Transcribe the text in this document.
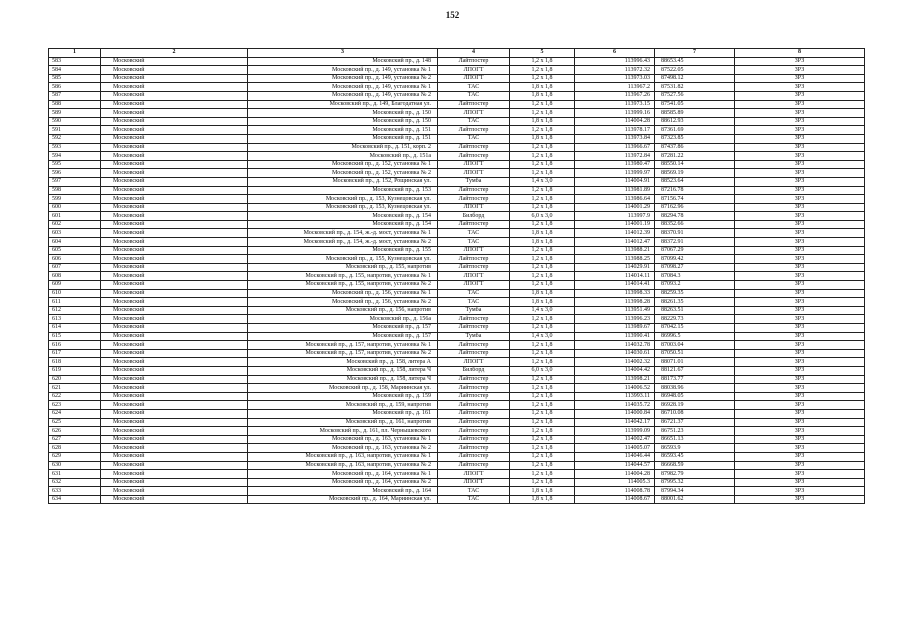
152
1	2	3	4	5	6	7	8
583	Московский	Московский пр., д. 148	Лайтпостер	1,2 х 1,8	113996.43	88653.45	ЗРЗ
584	Московский	Московский пр., д. 149, установка № 1	ЛПОГТ	1,2 х 1,8	113972.32	87522.05	ЗРЗ
585	Московский	Московский пр., д. 149, установка № 2	ЛПОГТ	1,2 х 1,8	113973.03	87498.12	ЗРЗ
586	Московский	Московский пр., д. 149, установка № 1	ТАС	1,8 х 1,8	113967.2	87531.82	ЗРЗ
587	Московский	Московский пр., д. 149, установка № 2	ТАС	1,8 х 1,8	113967.26	87527.56	ЗРЗ
588	Московский	Московский пр., д. 149, Благодатная ул.	Лайтпостер	1,2 х 1,8	113973.15	87541.05	ЗРЗ
589	Московский	Московский пр., д. 150	ЛПОГТ	1,2 х 1,8	113999.16	88585.89	ЗРЗ
590	Московский	Московский пр., д. 150	ТАС	1,8 х 1,8	114004.28	88612.93	ЗРЗ
591	Московский	Московский пр., д. 151	Лайтпостер	1,2 х 1,8	113978.17	87361.69	ЗРЗ
592	Московский	Московский пр., д. 151	ТАС	1,8 х 1,8	113973.84	87323.85	ЗРЗ
593	Московский	Московский пр., д. 151, корп. 2	Лайтпостер	1,2 х 1,8	113966.67	87437.86	ЗРЗ
594	Московский	Московский пр., д. 151а	Лайтпостер	1,2 х 1,8	113972.84	87281.22	ЗРЗ
595	Московский	Московский пр., д. 152, установка № 1	ЛПОГТ	1,2 х 1,8	113980.47	88550.14	ЗРЗ
596	Московский	Московский пр., д. 152, установка № 2	ЛПОГТ	1,2 х 1,8	113999.97	88569.19	ЗРЗ
597	Московский	Московский пр., д. 152, Рощинская ул.	Тумба	1,4 х 3,0	114004.91	88523.64	ЗРЗ
598	Московский	Московский пр., д. 153	Лайтпостер	1,2 х 1,8	113981.89	87216.78	ЗРЗ
599	Московский	Московский пр., д. 153, Кузнецовская ул.	Лайтпостер	1,2 х 1,8	113986.64	87156.74	ЗРЗ
600	Московский	Московский пр., д. 153, Кузнецовская ул.	ЛПОГТ	1,2 х 1,8	114001.29	87162.96	ЗРЗ
601	Московский	Московский пр., д. 154	Билборд	6,0 х 3,0	113997.9	88294.78	ЗРЗ
602	Московский	Московский пр., д. 154	Лайтпостер	1,2 х 1,8	114001.19	88352.66	ЗРЗ
603	Московский	Московский пр., д. 154, ж.-д. мост, установка № 1	ТАС	1,8 х 1,8	114012.39	88370.91	ЗРЗ
604	Московский	Московский пр., д. 154, ж.-д. мост, установка № 2	ТАС	1,8 х 1,8	114012.47	88372.91	ЗРЗ
605	Московский	Московский пр., д. 155	ЛПОГТ	1,2 х 1,8	113988.21	87067.29	ЗРЗ
606	Московский	Московский пр., д. 155, Кузнецовская ул.	Лайтпостер	1,2 х 1,8	113988.25	87099.42	ЗРЗ
607	Московский	Московский пр., д. 155, напротив	Лайтпостер	1,2 х 1,8	114029.91	87098.27	ЗРЗ
608	Московский	Московский пр., д. 155, напротив, установка № 1	ЛПОГТ	1,2 х 1,8	114014.11	87084.3	ЗРЗ
609	Московский	Московский пр., д. 155, напротив, установка № 2	ЛПОГТ	1,2 х 1,8	114014.41	87093.2	ЗРЗ
610	Московский	Московский пр., д. 156, установка № 1	ТАС	1,8 х 1,8	113998.33	88259.35	ЗРЗ
611	Московский	Московский пр., д. 156, установка № 2	ТАС	1,8 х 1,8	113998.28	88261.35	ЗРЗ
612	Московский	Московский пр., д. 156, напротив	Тумба	1,4 х 3,0	113951.49	88263.51	ЗРЗ
613	Московский	Московский пр., д. 156а	Лайтпостер	1,2 х 1,8	113996.23	88229.73	ЗРЗ
614	Московский	Московский пр., д. 157	Лайтпостер	1,2 х 1,8	113989.67	87042.15	ЗРЗ
615	Московский	Московский пр., д. 157	Тумба	1,4 х 3,0	113990.41	86996.5	ЗРЗ
616	Московский	Московский пр., д. 157, напротив, установка № 1	Лайтпостер	1,2 х 1,8	114032.78	87003.04	ЗРЗ
617	Московский	Московский пр., д. 157, напротив, установка № 2	Лайтпостер	1,2 х 1,8	114030.61	87050.51	ЗРЗ
618	Московский	Московский пр., д. 158, литера А	ЛПОГТ	1,2 х 1,8	114002.32	88071.01	ЗРЗ
619	Московский	Московский пр., д. 158, литера Ч	Билборд	6,0 х 3,0	114004.42	88121.67	ЗРЗ
620	Московский	Московский пр., д. 158, литера Ч	Лайтпостер	1,2 х 1,8	113998.21	88173.77	ЗРЗ
621	Московский	Московский пр., д. 158, Мариинская ул.	Лайтпостер	1,2 х 1,8	114006.52	88038.96	ЗРЗ
622	Московский	Московский пр., д. 159	Лайтпостер	1,2 х 1,8	113993.11	86948.05	ЗРЗ
623	Московский	Московский пр., д. 159, напротив	Лайтпостер	1,2 х 1,8	114035.72	86928.19	ЗРЗ
624	Московский	Московский пр., д. 161	Лайтпостер	1,2 х 1,8	114000.84	86710.08	ЗРЗ
625	Московский	Московский пр., д. 161, напротив	Лайтпостер	1,2 х 1,8	114042.17	86721.37	ЗРЗ
626	Московский	Московский пр., д. 161, пл. Чернышевского	Лайтпостер	1,2 х 1,8	113999.09	86751.23	ЗРЗ
627	Московский	Московский пр., д. 163, установка № 1	Лайтпостер	1,2 х 1,8	114002.47	86651.13	ЗРЗ
628	Московский	Московский пр., д. 163, установка № 2	Лайтпостер	1,2 х 1,8	114005.07	86593.9	ЗРЗ
629	Московский	Московский пр., д. 163, напротив, установка № 1	Лайтпостер	1,2 х 1,8	114046.44	86593.45	ЗРЗ
630	Московский	Московский пр., д. 163, напротив, установка № 2	Лайтпостер	1,2 х 1,8	114044.57	86668.59	ЗРЗ
631	Московский	Московский пр., д. 164, установка № 1	ЛПОГТ	1,2 х 1,8	114004.28	87982.79	ЗРЗ
632	Московский	Московский пр., д. 164, установка № 2	ЛПОГТ	1,2 х 1,8	114005.3	87995.32	ЗРЗ
633	Московский	Московский пр., д. 164	ТАС	1,8 х 1,8	114008.78	87994.34	ЗРЗ
634	Московский	Московский пр., д. 164, Мариинская ул.	ТАС	1,8 х 1,8	114008.67	88001.62	ЗРЗ
